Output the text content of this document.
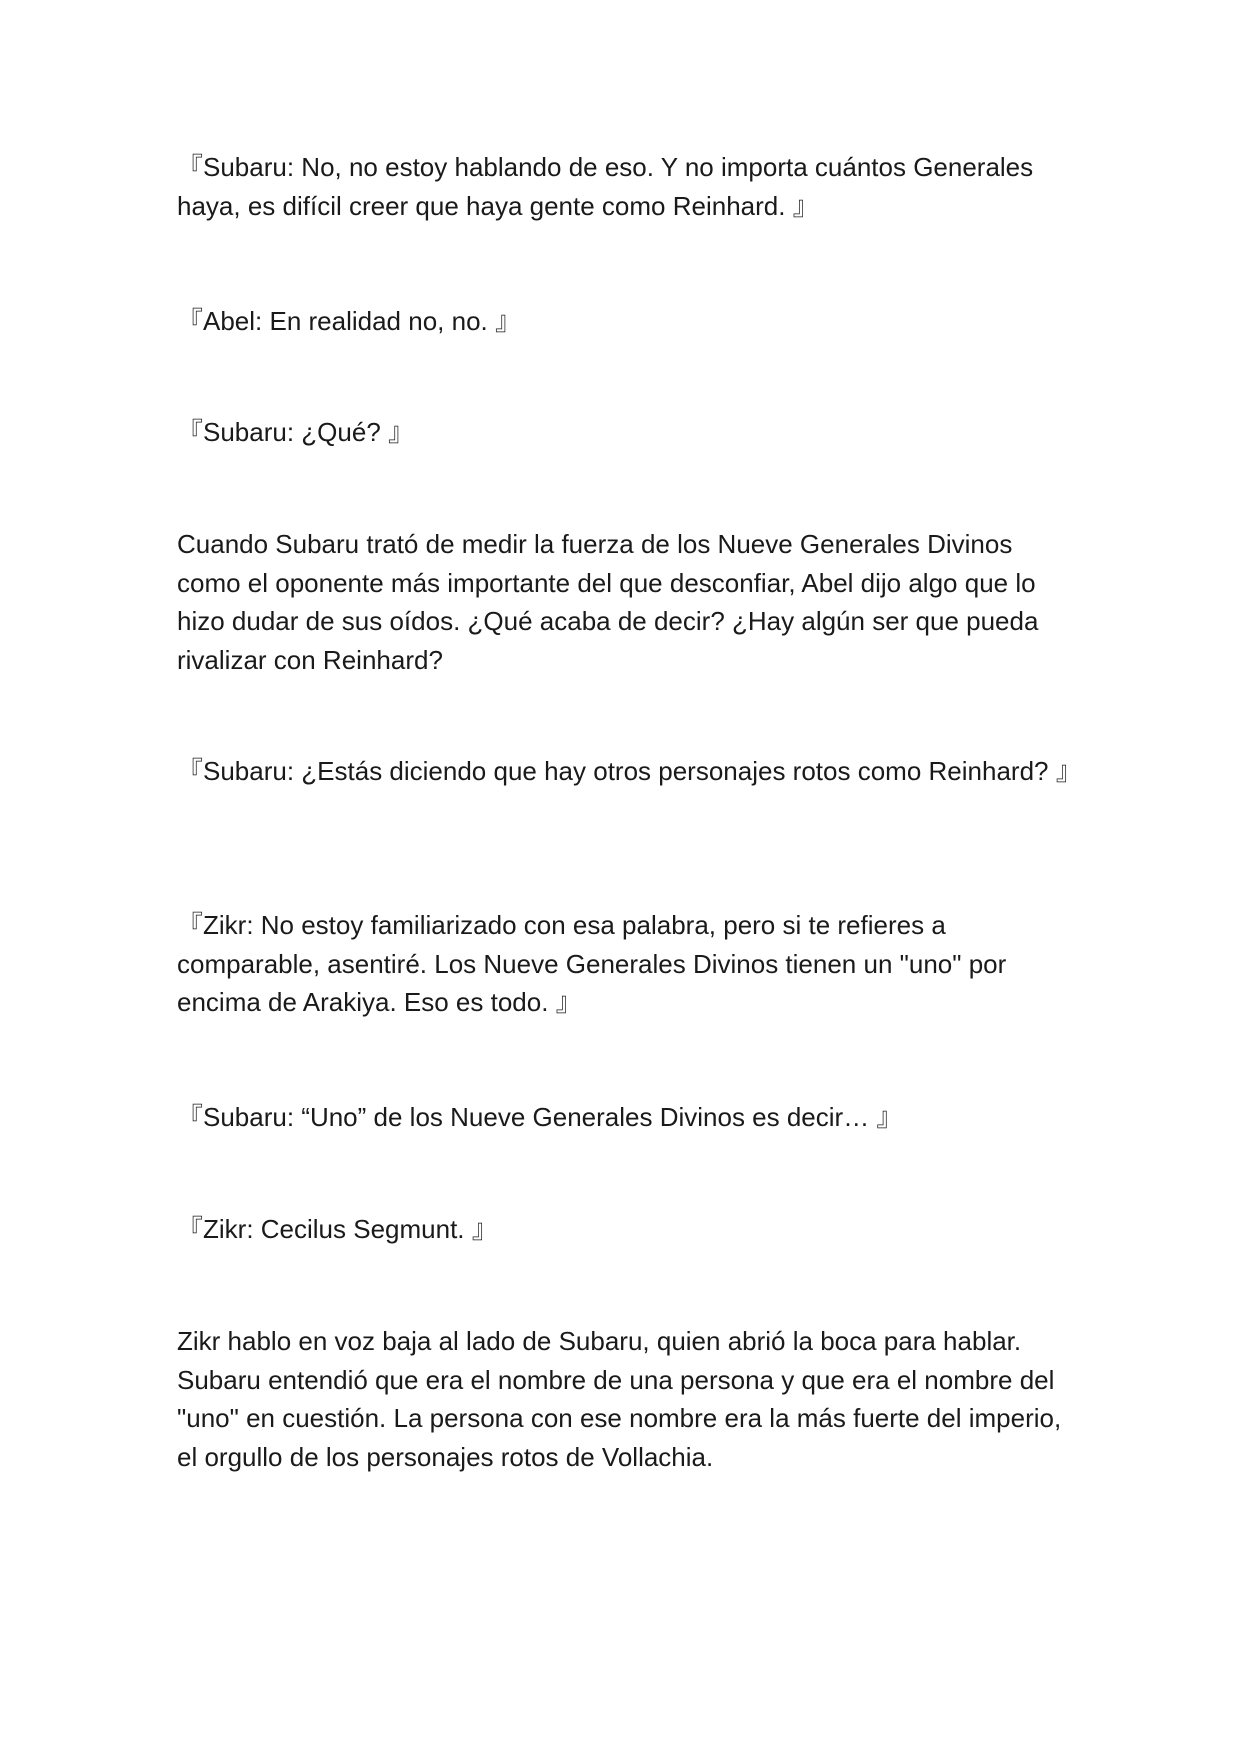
『Subaru: No, no estoy hablando de eso. Y no importa cuántos Generales haya, es difícil creer que haya gente como Reinhard. 』

『Abel: En realidad no, no. 』

『Subaru: ¿Qué? 』

Cuando Subaru trató de medir la fuerza de los Nueve Generales Divinos como el oponente más importante del que desconfiar, Abel dijo algo que lo hizo dudar de sus oídos. ¿Qué acaba de decir? ¿Hay algún ser que pueda rivalizar con Reinhard?

『Subaru: ¿Estás diciendo que hay otros personajes rotos como Reinhard? 』

『Zikr: No estoy familiarizado con esa palabra, pero si te refieres a comparable, asentiré. Los Nueve Generales Divinos tienen un "uno" por encima de Arakiya. Eso es todo. 』

『Subaru: “Uno” de los Nueve Generales Divinos es decir… 』

『Zikr: Cecilus Segmunt. 』

Zikr hablo en voz baja al lado de Subaru, quien abrió la boca para hablar. Subaru entendió que era el nombre de una persona y que era el nombre del "uno" en cuestión. La persona con ese nombre era la más fuerte del imperio, el orgullo de los personajes rotos de Vollachia.
